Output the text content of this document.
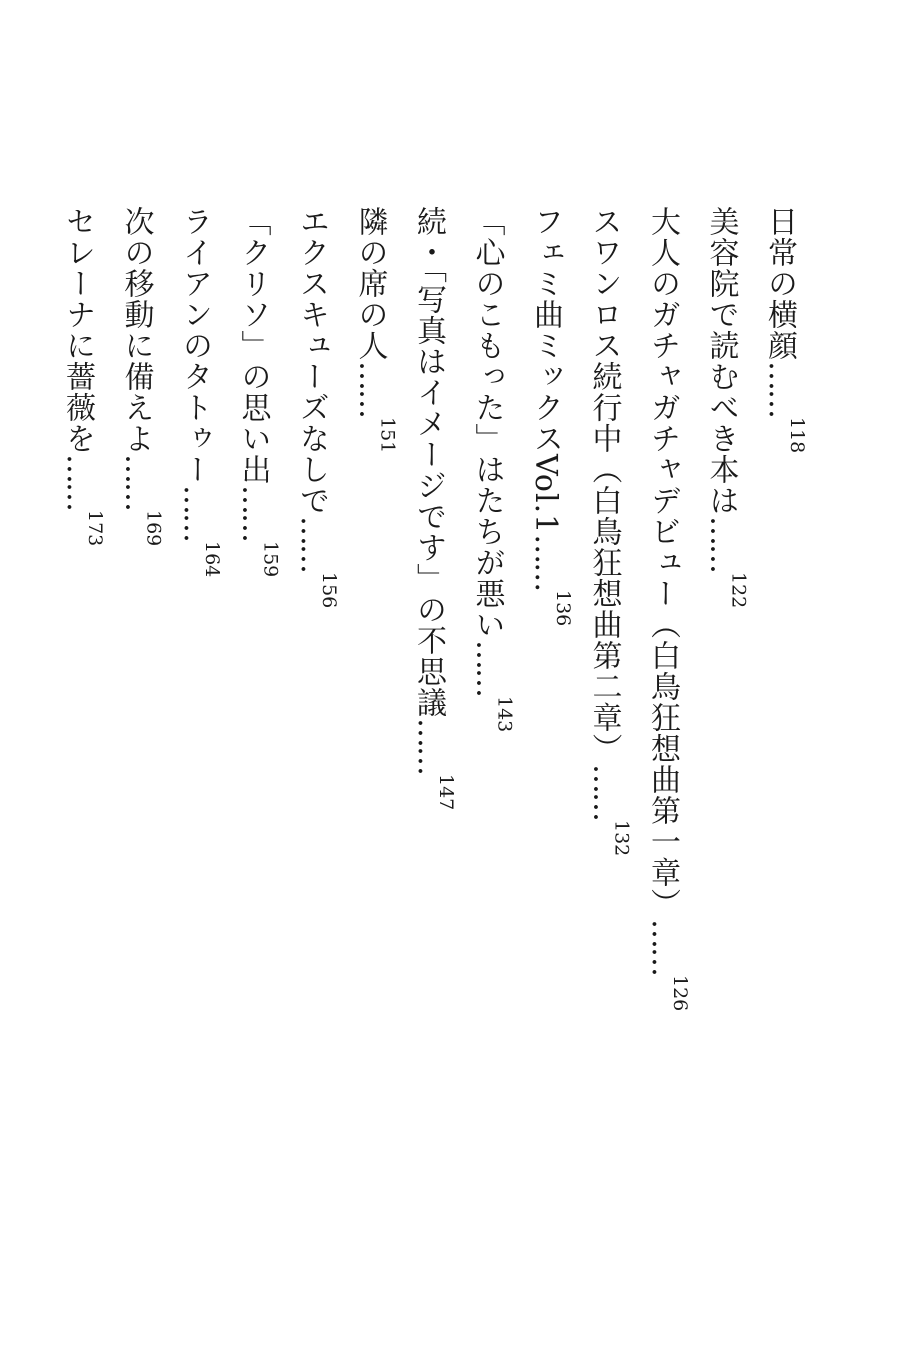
日常の横顔……118
美容院で読むべき本は……122
大人のガチャガチャデビュー（白鳥狂想曲第一章）……126
スワンロス続行中（白鳥狂想曲第二章）……132
フェミ曲ミックスVol.1……136
「心のこもった」はたちが悪い……143
続・「写真はイメージです」の不思議……147
隣の席の人……151
エクスキューズなしで……156
「クリソ」の思い出……159
ライアンのタトゥー……164
次の移動に備えよ……169
セレーナに薔薇を……173
